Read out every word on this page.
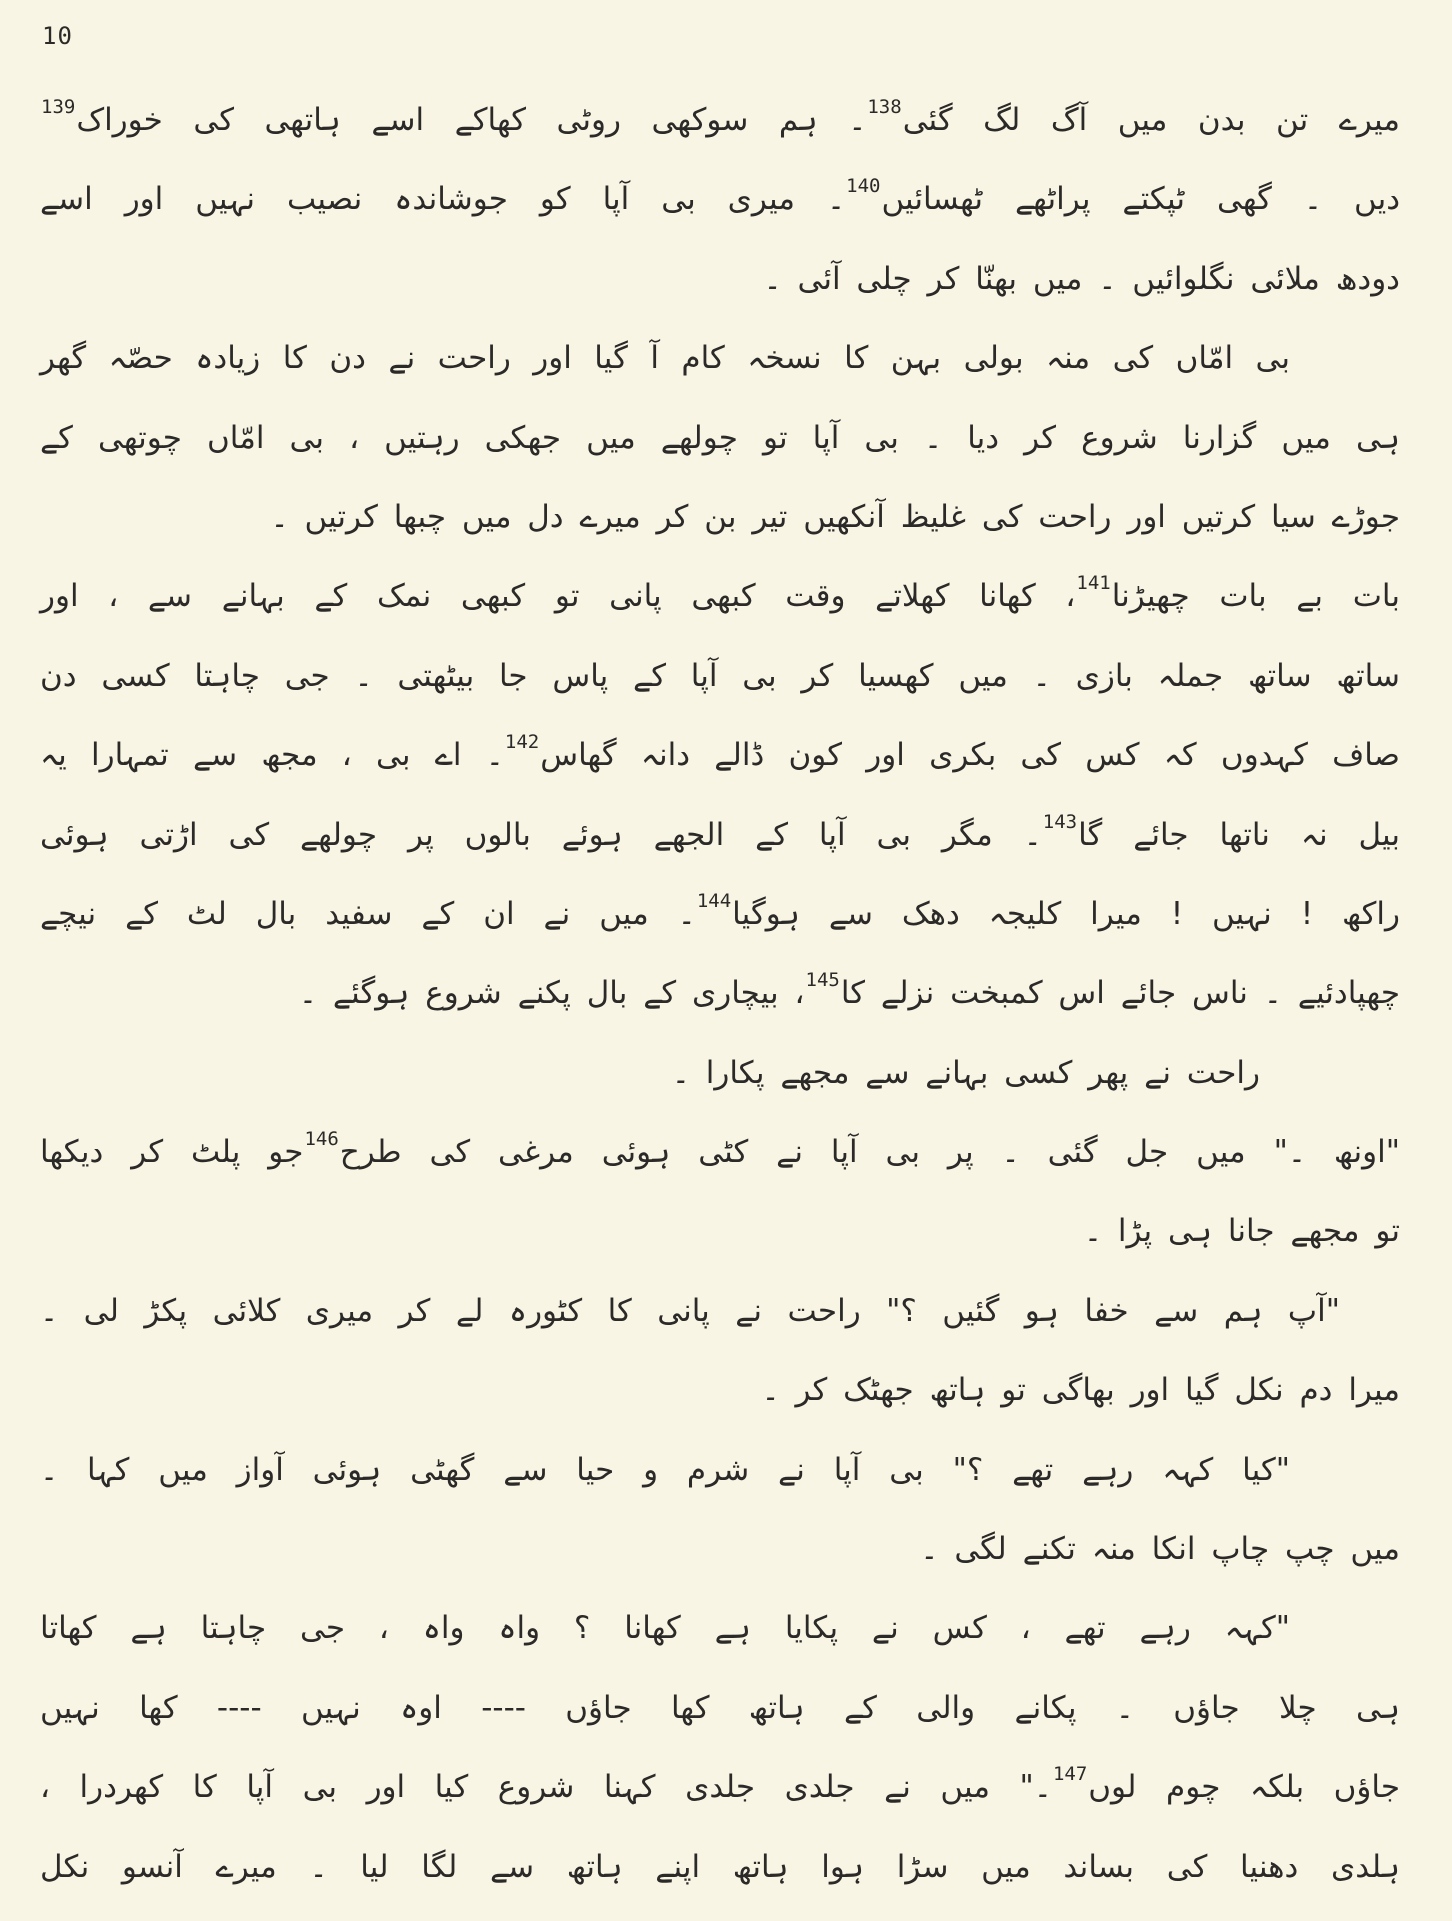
10
میرے تن بدن میں آگ لگ گئی$^{138}$۔ ہم سوکھی روٹی کھاکے اسے ہاتھی کی خوراک$^{139}$
دیں ۔ گھی ٹپکتے پراٹھے ٹھسائیں$^{140}$۔ میری بی آپا کو جوشاندہ نصیب نہیں اور اسے
دودھ ملائی نگلوائیں ۔ میں بھنّا کر چلی آئی ۔
بی امّاں کی منہ بولی بہن کا نسخہ کام آ گیا اور راحت نے دن کا زیادہ حصّہ گھر
ہی میں گزارنا شروع کر دیا ۔ بی آپا تو چولھے میں جھکی رہتیں ، بی امّاں چوتھی کے
جوڑے سیا کرتیں اور راحت کی غلیظ آنکھیں تیر بن کر میرے دل میں چبھا کرتیں ۔
بات بے بات چھیڑنا$^{141}$، کھانا کھلاتے وقت کبھی پانی تو کبھی نمک کے بہانے سے ، اور
ساتھ ساتھ جملہ بازی ۔ میں کھسیا کر بی آپا کے پاس جا بیٹھتی ۔ جی چاہتا کسی دن
صاف کہدوں کہ کس کی بکری اور کون ڈالے دانہ گھاس$^{142}$۔ اے بی ، مجھ سے تمہارا یہ
بیل نہ ناتھا جائے گا$^{143}$۔ مگر بی آپا کے الجھے ہوئے بالوں پر چولھے کی اڑتی ہوئی
راکھ ! نہیں ! میرا کلیجہ دھک سے ہوگیا$^{144}$۔ میں نے ان کے سفید بال لٹ کے نیچے
چھپادئیے ۔ ناس جائے اس کمبخت نزلے کا$^{145}$، بیچاری کے بال پکنے شروع ہوگئے ۔
راحت نے پھر کسی بہانے سے مجھے پکارا ۔
"اونھ ۔" میں جل گئی ۔ پر بی آپا نے کٹی ہوئی مرغی کی طرح$^{146}$جو پلٹ کر دیکھا
تو مجھے جانا ہی پڑا ۔
"آپ ہم سے خفا ہو گئیں ؟" راحت نے پانی کا کٹورہ لے کر میری کلائی پکڑ لی ۔
میرا دم نکل گیا اور بھاگی تو ہاتھ جھٹک کر ۔
"کیا کہہ رہے تھے ؟" بی آپا نے شرم و حیا سے گھٹی ہوئی آواز میں کہا ۔
میں چپ چاپ انکا منہ تکنے لگی ۔
"کہہ رہے تھے ، کس نے پکایا ہے کھانا ؟ واہ واہ ، جی چاہتا ہے کھاتا
ہی چلا جاؤں ۔ پکانے والی کے ہاتھ کھا جاؤں ---- اوہ نہیں ---- کھا نہیں
جاؤں بلکہ چوم لوں$^{147}$۔" میں نے جلدی جلدی کہنا شروع کیا اور بی آپا کا کھردرا ،
ہلدی دھنیا کی بساند میں سڑا ہوا ہاتھ اپنے ہاتھ سے لگا لیا ۔ میرے آنسو نکل
